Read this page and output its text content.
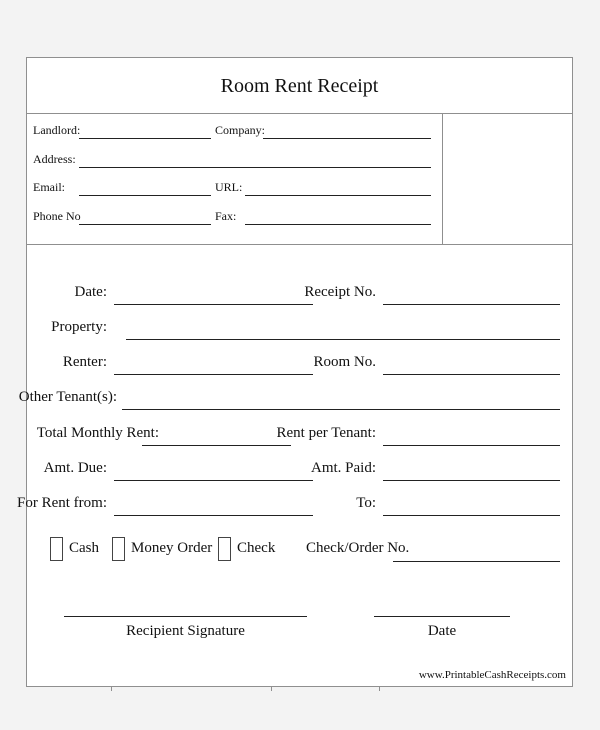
Room Rent Receipt
Landlord:	Company:
Address:
Email:	URL:
Phone No	Fax:
Date:	Receipt No.
Property:
Renter:	Room No.
Other Tenant(s):
Total Monthly Rent:	Rent per Tenant:
Amt. Due:	Amt. Paid:
For Rent from:	To:
Cash Money Order Check Check/Order No.
Recipient Signature	Date
www.PrintableCashReceipts.com
